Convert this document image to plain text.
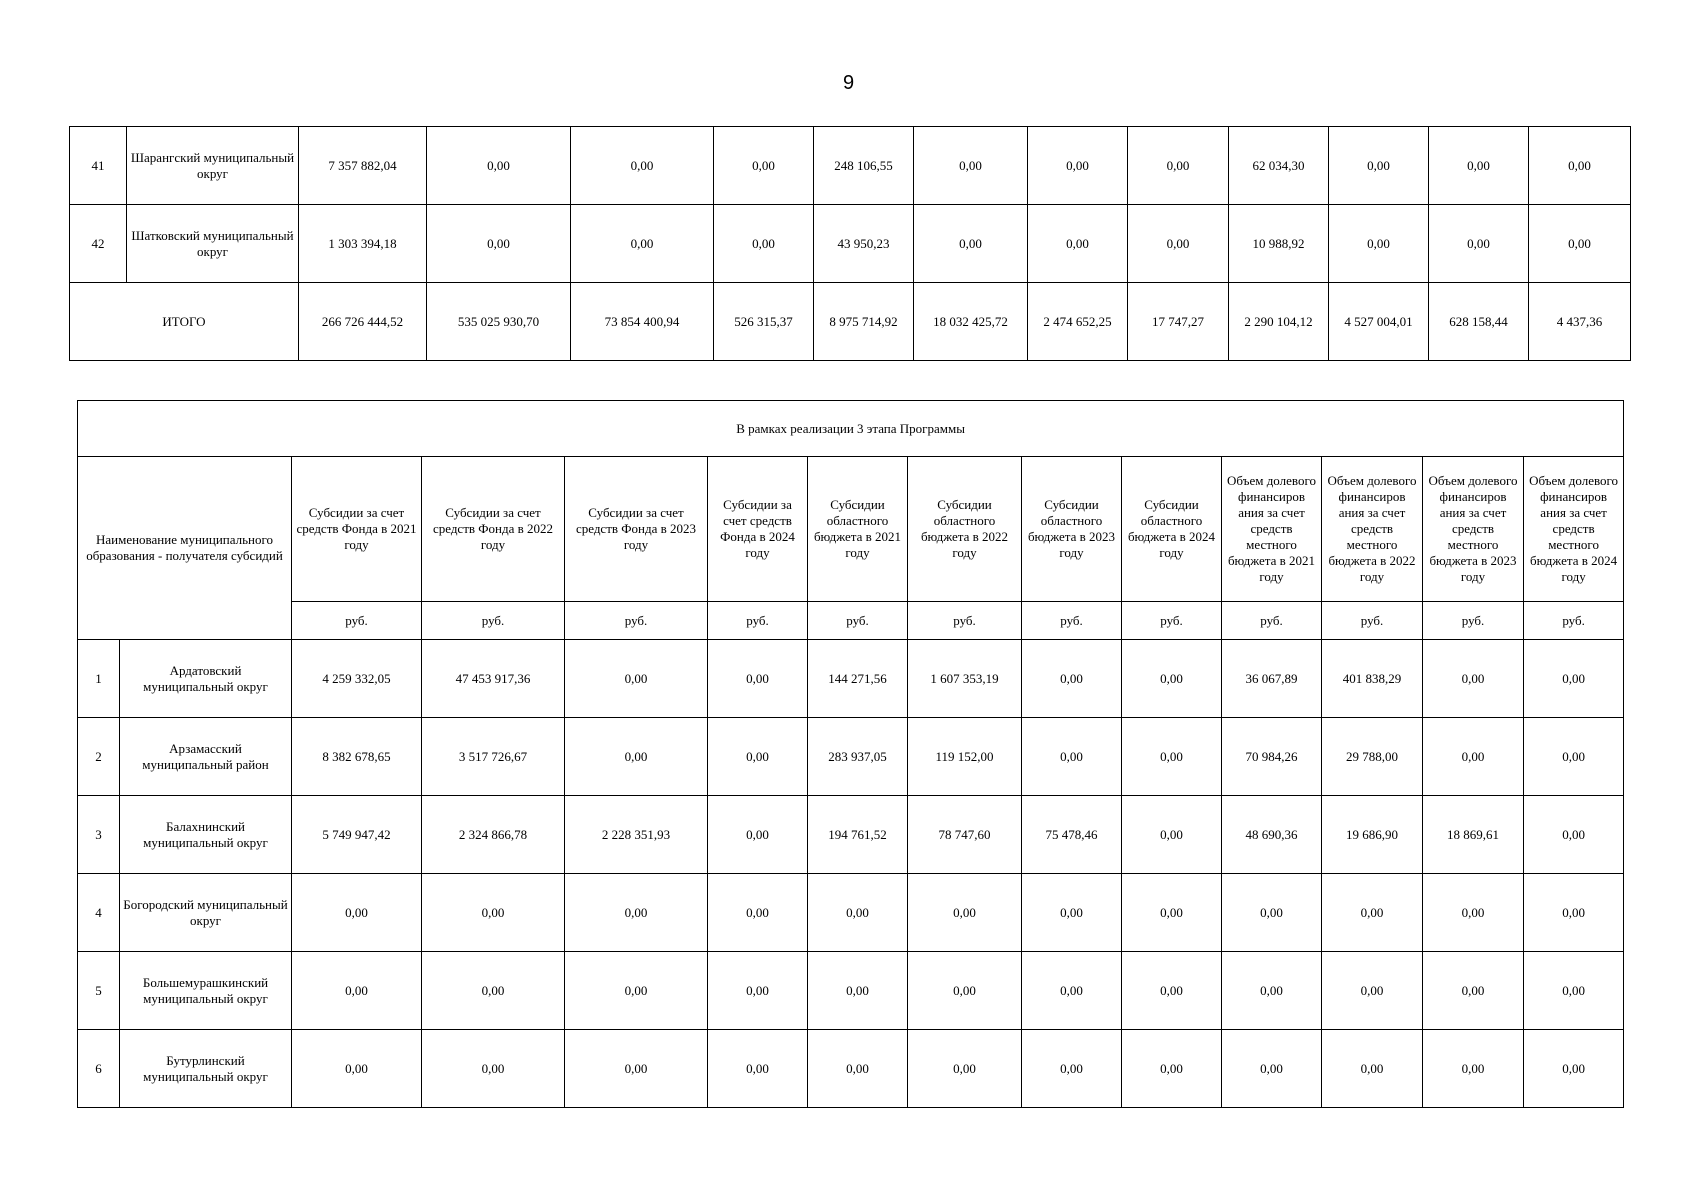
9
41	Шарангский муниципальный округ	7 357 882,04	0,00	0,00	0,00	248 106,55	0,00	0,00	0,00	62 034,30	0,00	0,00	0,00
42	Шатковский муниципальный округ	1 303 394,18	0,00	0,00	0,00	43 950,23	0,00	0,00	0,00	10 988,92	0,00	0,00	0,00
ИТОГО		266 726 444,52	535 025 930,70	73 854 400,94	526 315,37	8 975 714,92	18 032 425,72	2 474 652,25	17 747,27	2 290 104,12	4 527 004,01	628 158,44	4 437,36
В рамках реализации 3 этапа Программы													
Наименование муниципального образования - получателя субсидий		Субсидии за счет средств Фонда в 2021 году	Субсидии за счет средств Фонда в 2022 году	Субсидии за счет средств Фонда в 2023 году	Субсидии за счет средств Фонда в 2024 году	Субсидии областного бюджета в 2021 году	Субсидии областного бюджета в 2022 году	Субсидии областного бюджета в 2023 году	Субсидии областного бюджета в 2024 году	Объем долевого финансиров ания за счет средств местного бюджета в 2021 году	Объем долевого финансиров ания за счет средств местного бюджета в 2022 году	Объем долевого финансиров ания за счет средств местного бюджета в 2023 году	Объем долевого финансиров ания за счет средств местного бюджета в 2024 году
		руб.	руб.	руб.	руб.	руб.	руб.	руб.	руб.	руб.	руб.	руб.	руб.
1	Ардатовский муниципальный округ	4 259 332,05	47 453 917,36	0,00	0,00	144 271,56	1 607 353,19	0,00	0,00	36 067,89	401 838,29	0,00	0,00
2	Арзамасский муниципальный район	8 382 678,65	3 517 726,67	0,00	0,00	283 937,05	119 152,00	0,00	0,00	70 984,26	29 788,00	0,00	0,00
3	Балахнинский муниципальный округ	5 749 947,42	2 324 866,78	2 228 351,93	0,00	194 761,52	78 747,60	75 478,46	0,00	48 690,36	19 686,90	18 869,61	0,00
4	Богородский муниципальный округ	0,00	0,00	0,00	0,00	0,00	0,00	0,00	0,00	0,00	0,00	0,00	0,00
5	Большемурашкинский муниципальный округ	0,00	0,00	0,00	0,00	0,00	0,00	0,00	0,00	0,00	0,00	0,00	0,00
6	Бутурлинский муниципальный округ	0,00	0,00	0,00	0,00	0,00	0,00	0,00	0,00	0,00	0,00	0,00	0,00
